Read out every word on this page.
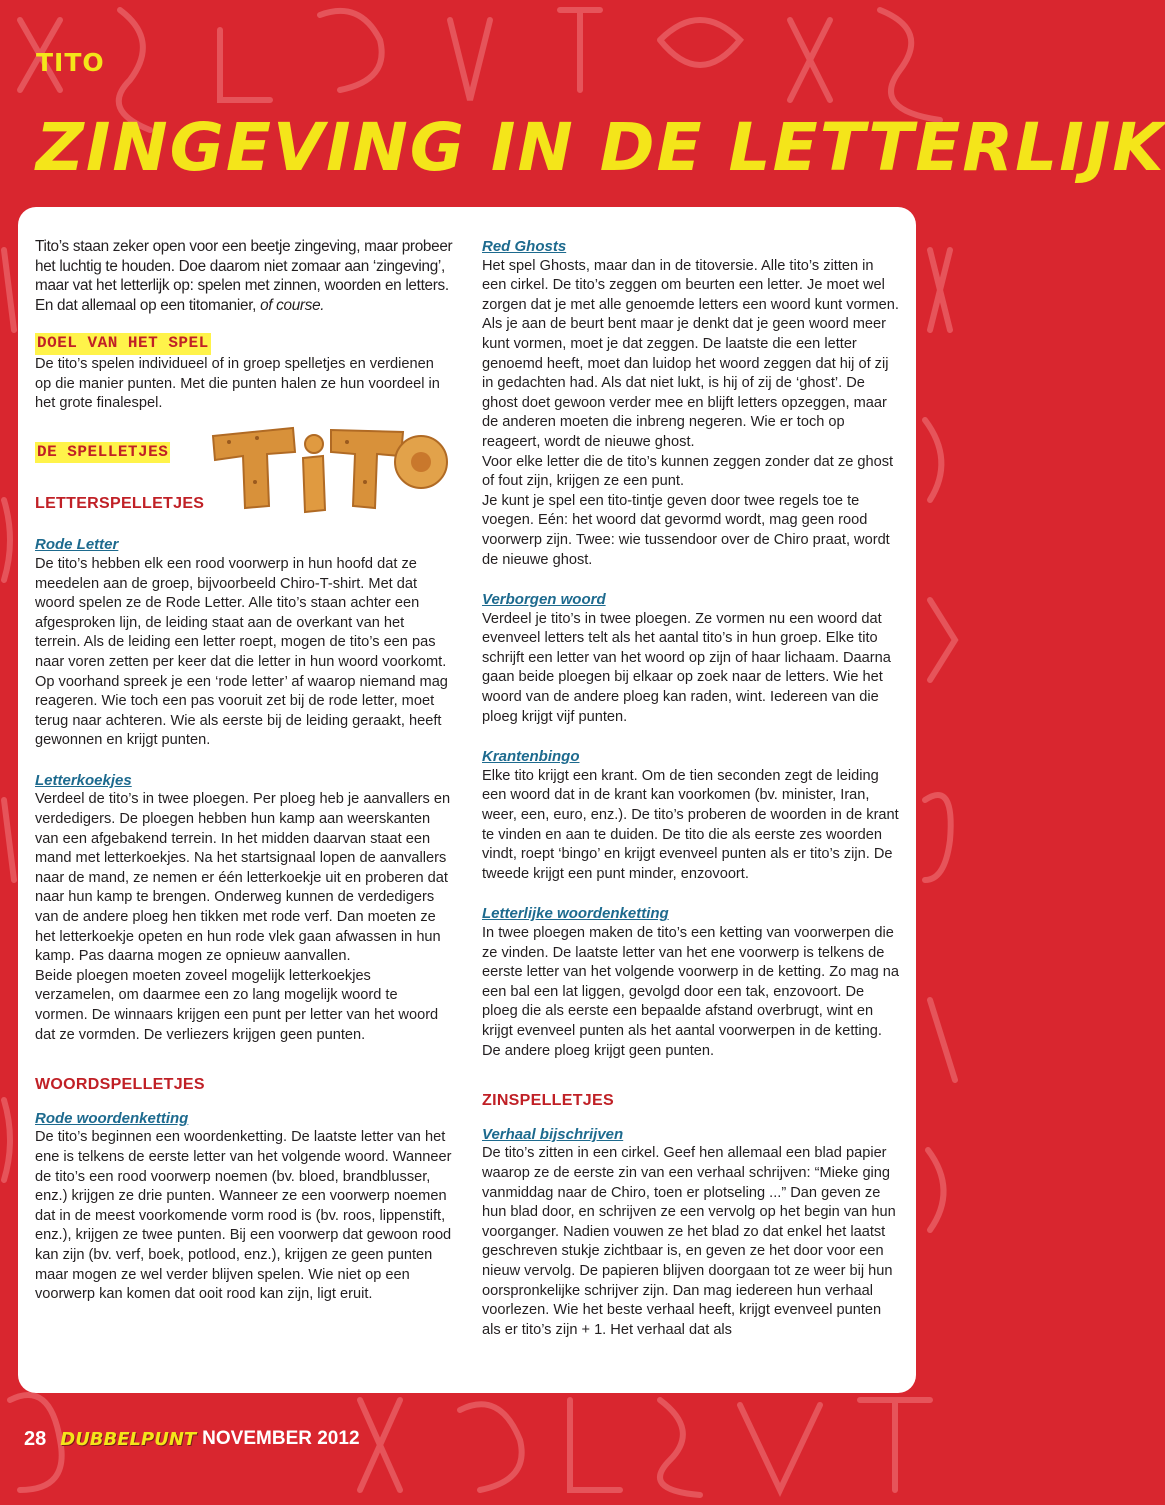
TITO
ZINGEVING IN DE LETTERLIJK

Tito’s staan zeker open voor een beetje zingeving, maar probeer het luchtig te houden. Doe daarom niet zomaar aan ‘zingeving’, maar vat het letterlijk op: spelen met zinnen, woorden en letters. En dat allemaal op een titomanier, of course.

DOEL VAN HET SPEL

De tito’s spelen individueel of in groep spelletjes en verdienen op die manier punten. Met die punten halen ze hun voordeel in het grote finalespel.

DE SPELLETJES

LETTERSPELLETJES

Rode Letter

De tito’s hebben elk een rood voorwerp in hun hoofd dat ze meedelen aan de groep, bijvoorbeeld Chiro-T-shirt. Met dat woord spelen ze de Rode Letter. Alle tito’s staan achter een afgesproken lijn, de leiding staat aan de overkant van het terrein. Als de leiding een letter roept, mogen de tito’s een pas naar voren zetten per keer dat die letter in hun woord voorkomt. Op voorhand spreek je een ‘rode letter’ af waarop niemand mag reageren. Wie toch een pas vooruit zet bij de rode letter, moet terug naar achteren. Wie als eerste bij de leiding geraakt, heeft gewonnen en krijgt punten.

Letterkoekjes

Verdeel de tito’s in twee ploegen. Per ploeg heb je aanvallers en verdedigers. De ploegen hebben hun kamp aan weerskanten van een afgebakend terrein. In het midden daarvan staat een mand met letterkoekjes. Na het startsignaal lopen de aanvallers naar de mand, ze nemen er één letterkoekje uit en proberen dat naar hun kamp te brengen. Onderweg kunnen de verdedigers van de andere ploeg hen tikken met rode verf. Dan moeten ze het letterkoekje opeten en hun rode vlek gaan afwassen in hun kamp. Pas daarna mogen ze opnieuw aanvallen.

Beide ploegen moeten zoveel mogelijk letterkoekjes verzamelen, om daarmee een zo lang mogelijk woord te vormen. De winnaars krijgen een punt per letter van het woord dat ze vormden. De verliezers krijgen geen punten.

WOORDSPELLETJES

Rode woordenketting

De tito’s beginnen een woordenketting. De laatste letter van het ene is telkens de eerste letter van het volgende woord. Wanneer de tito’s een rood voorwerp noemen (bv. bloed, brandblusser, enz.) krijgen ze drie punten. Wanneer ze een voorwerp noemen dat in de meest voorkomende vorm rood is (bv. roos, lippenstift, enz.), krijgen ze twee punten. Bij een voorwerp dat gewoon rood kan zijn (bv. verf, boek, potlood, enz.), krijgen ze geen punten maar mogen ze wel verder blijven spelen. Wie niet op een voorwerp kan komen dat ooit rood kan zijn, ligt eruit.

Red Ghosts

Het spel Ghosts, maar dan in de titoversie. Alle tito’s zitten in een cirkel. De tito’s zeggen om beurten een letter. Je moet wel zorgen dat je met alle genoemde letters een woord kunt vormen. Als je aan de beurt bent maar je denkt dat je geen woord meer kunt vormen, moet je dat zeggen. De laatste die een letter genoemd heeft, moet dan luidop het woord zeggen dat hij of zij in gedachten had. Als dat niet lukt, is hij of zij de ‘ghost’. De ghost doet gewoon verder mee en blijft letters opzeggen, maar de anderen moeten die inbreng negeren. Wie er toch op reageert, wordt de nieuwe ghost.

Voor elke letter die de tito’s kunnen zeggen zonder dat ze ghost of fout zijn, krijgen ze een punt.

Je kunt je spel een tito-tintje geven door twee regels toe te voegen. Eén: het woord dat gevormd wordt, mag geen rood voorwerp zijn. Twee: wie tussendoor over de Chiro praat, wordt de nieuwe ghost.

Verborgen woord

Verdeel je tito’s in twee ploegen. Ze vormen nu een woord dat evenveel letters telt als het aantal tito’s in hun groep. Elke tito schrijft een letter van het woord op zijn of haar lichaam. Daarna gaan beide ploegen bij elkaar op zoek naar de letters. Wie het woord van de andere ploeg kan raden, wint. Iedereen van die ploeg krijgt vijf punten.

Krantenbingo

Elke tito krijgt een krant. Om de tien seconden zegt de leiding een woord dat in de krant kan voorkomen (bv. minister, Iran, weer, een, euro, enz.). De tito’s proberen de woorden in de krant te vinden en aan te duiden. De tito die als eerste zes woorden vindt, roept ‘bingo’ en krijgt evenveel punten als er tito’s zijn. De tweede krijgt een punt minder, enzovoort.

Letterlijke woordenketting

In twee ploegen maken de tito’s een ketting van voorwerpen die ze vinden. De laatste letter van het ene voorwerp is telkens de eerste letter van het volgende voorwerp in de ketting. Zo mag na een bal een lat liggen, gevolgd door een tak, enzovoort. De ploeg die als eerste een bepaalde afstand overbrugt, wint en krijgt evenveel punten als het aantal voorwerpen in de ketting. De andere ploeg krijgt geen punten.

ZINSPELLETJES

Verhaal bijschrijven

De tito’s zitten in een cirkel. Geef hen allemaal een blad papier waarop ze de eerste zin van een verhaal schrijven: “Mieke ging vanmiddag naar de Chiro, toen er plotseling ...” Dan geven ze hun blad door, en schrijven ze een vervolg op het begin van hun voorganger. Nadien vouwen ze het blad zo dat enkel het laatst geschreven stukje zichtbaar is, en geven ze het door voor een nieuw vervolg. De papieren blijven doorgaan tot ze weer bij hun oorspronkelijke schrijver zijn. Dan mag iedereen hun verhaal voorlezen. Wie het beste verhaal heeft, krijgt evenveel punten als er tito’s zijn + 1. Het verhaal dat als

28 DUBBEL PUNT NOVEMBER 2012
